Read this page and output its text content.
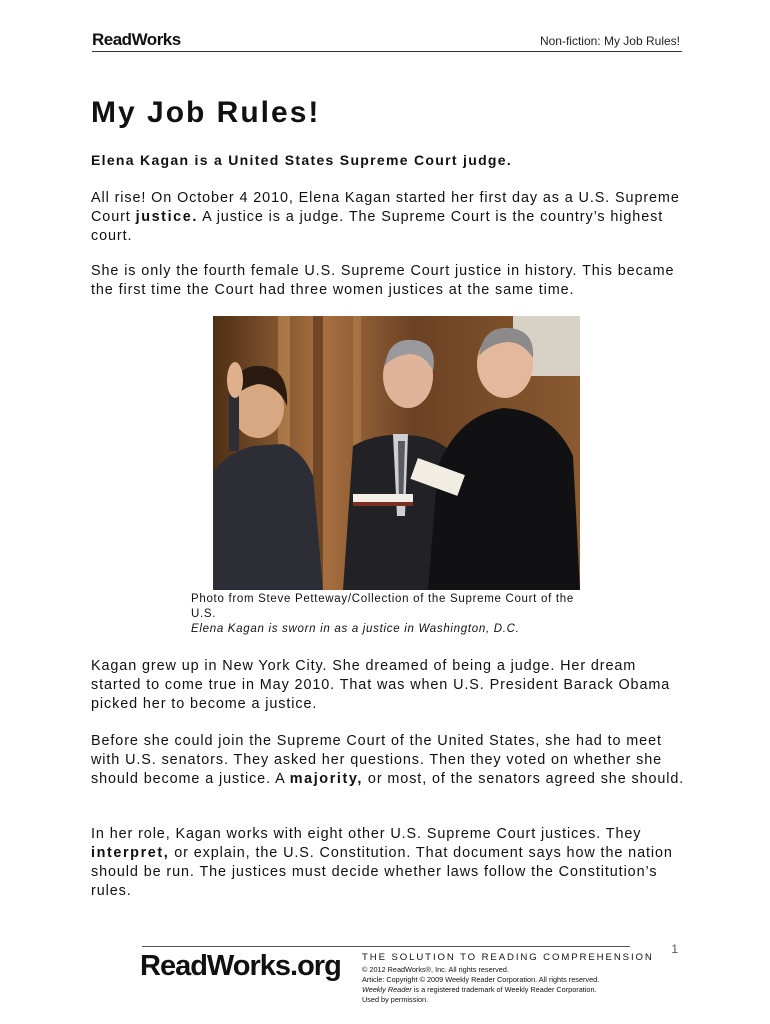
ReadWorks	Non-fiction: My Job Rules!
My Job Rules!
Elena Kagan is a United States Supreme Court judge.

All rise! On October 4 2010, Elena Kagan started her first day as a U.S. Supreme Court justice. A justice is a judge. The Supreme Court is the country’s highest court.

She is only the fourth female U.S. Supreme Court justice in history. This became the first time the Court had three women justices at the same time.

Photo from Steve Petteway/Collection of the Supreme Court of the U.S.
Elena Kagan is sworn in as a justice in Washington, D.C.

Kagan grew up in New York City. She dreamed of being a judge. Her dream started to come true in May 2010. That was when U.S. President Barack Obama picked her to become a justice.

Before she could join the Supreme Court of the United States, she had to meet with U.S. senators. They asked her questions. Then they voted on whether she should become a justice. A majority, or most, of the senators agreed she should.

In her role, Kagan works with eight other U.S. Supreme Court justices. They interpret, or explain, the U.S. Constitution. That document says how the nation should be run. The justices must decide whether laws follow the Constitution’s rules.

1
ReadWorks.org THE SOLUTION TO READING COMPREHENSION
© 2012 ReadWorks®, Inc. All rights reserved.
Article: Copyright © 2009 Weekly Reader Corporation. All rights reserved.
Weekly Reader is a registered trademark of Weekly Reader Corporation.
Used by permission.
